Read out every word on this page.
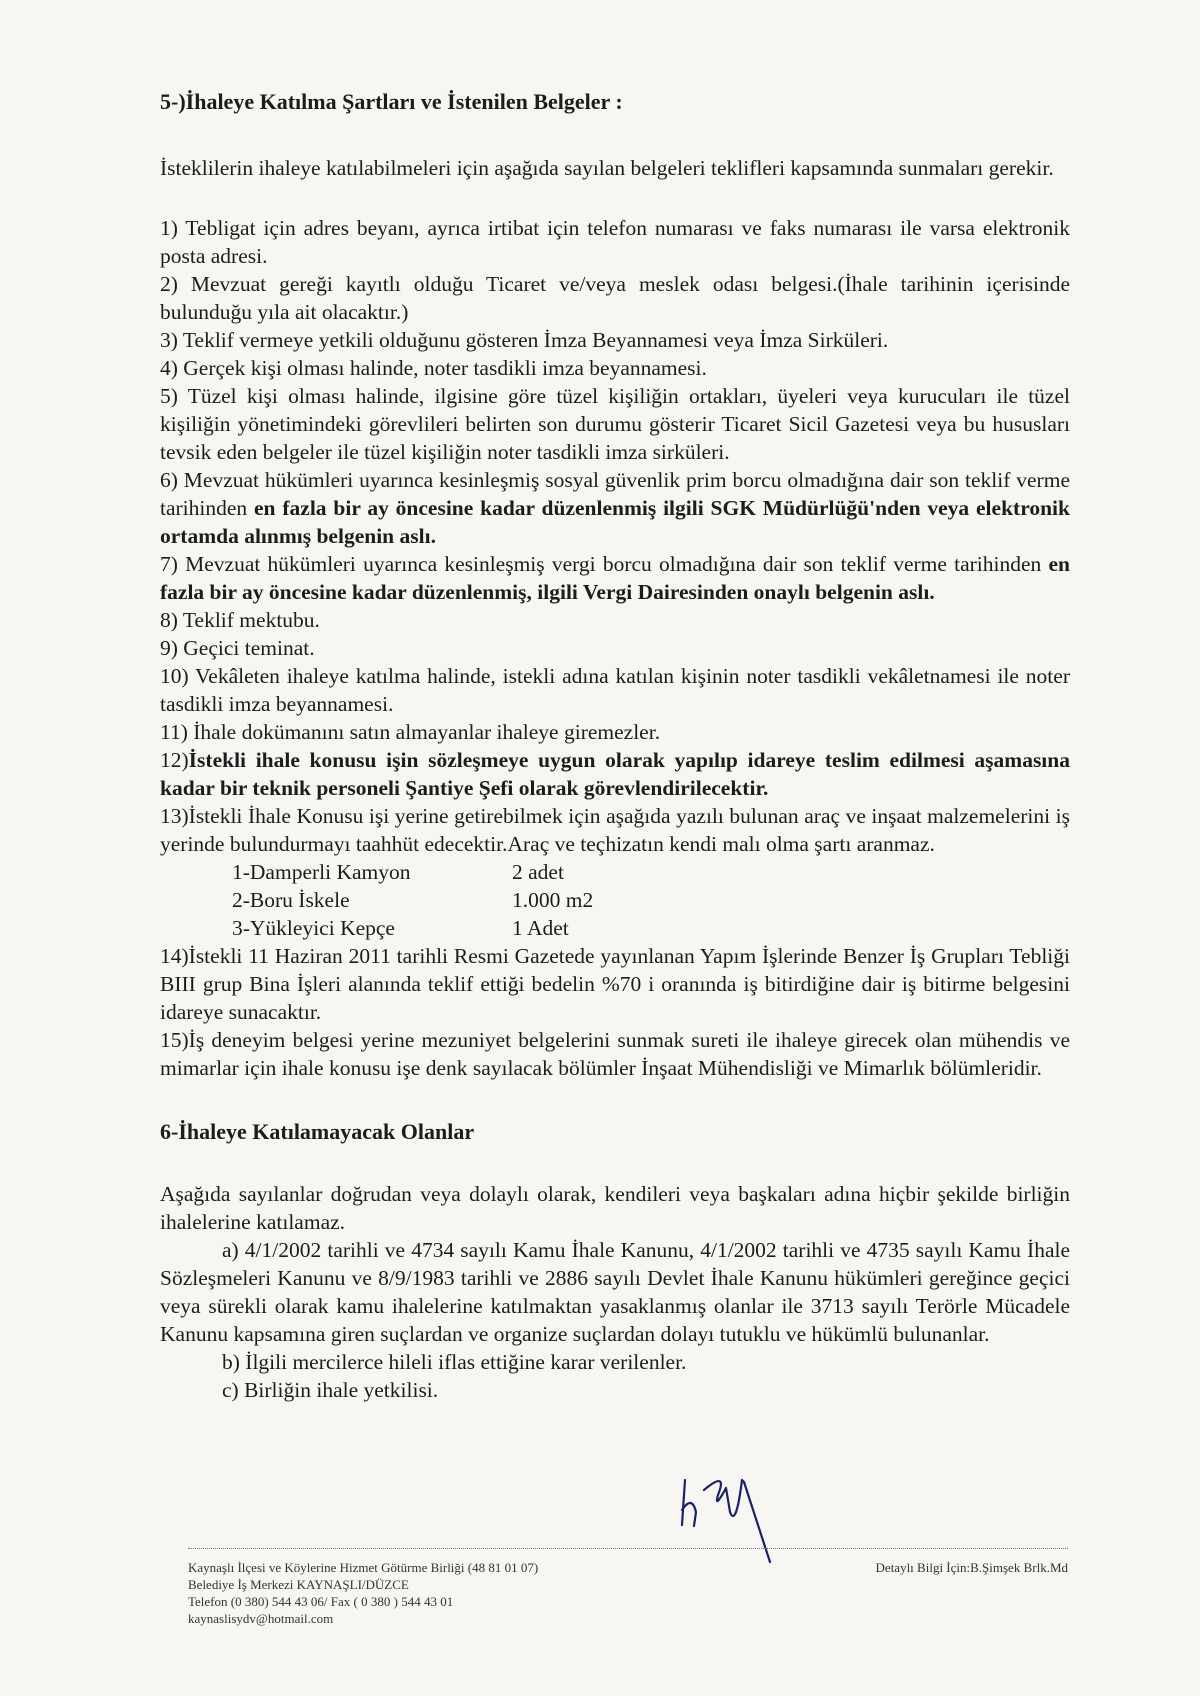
5-)İhaleye Katılma Şartları ve İstenilen Belgeler :

İsteklilerin ihaleye katılabilmeleri için aşağıda sayılan belgeleri teklifleri kapsamında sunmaları gerekir.

1) Tebligat için adres beyanı, ayrıca irtibat için telefon numarası ve faks numarası ile varsa elektronik posta adresi.

2) Mevzuat gereği kayıtlı olduğu Ticaret ve/veya meslek odası belgesi.(İhale tarihinin içerisinde bulunduğu yıla ait olacaktır.)

3) Teklif vermeye yetkili olduğunu gösteren İmza Beyannamesi veya İmza Sirküleri.

4) Gerçek kişi olması halinde, noter tasdikli imza beyannamesi.

5) Tüzel kişi olması halinde, ilgisine göre tüzel kişiliğin ortakları, üyeleri veya kurucuları ile tüzel kişiliğin yönetimindeki görevlileri belirten son durumu gösterir Ticaret Sicil Gazetesi veya bu hususları tevsik eden belgeler ile tüzel kişiliğin noter tasdikli imza sirküleri.

6) Mevzuat hükümleri uyarınca kesinleşmiş sosyal güvenlik prim borcu olmadığına dair son teklif verme tarihinden en fazla bir ay öncesine kadar düzenlenmiş ilgili SGK Müdürlüğü'nden veya elektronik ortamda alınmış belgenin aslı.

7) Mevzuat hükümleri uyarınca kesinleşmiş vergi borcu olmadığına dair son teklif verme tarihinden en fazla bir ay öncesine kadar düzenlenmiş, ilgili Vergi Dairesinden onaylı belgenin aslı.

8) Teklif mektubu.

9) Geçici teminat.

10) Vekâleten ihaleye katılma halinde, istekli adına katılan kişinin noter tasdikli vekâletnamesi ile noter tasdikli imza beyannamesi.

11) İhale dokümanını satın almayanlar ihaleye giremezler.

12)İstekli ihale konusu işin sözleşmeye uygun olarak yapılıp idareye teslim edilmesi aşamasına kadar bir teknik personeli Şantiye Şefi olarak görevlendirilecektir.

13)İstekli İhale Konusu işi yerine getirebilmek için aşağıda yazılı bulunan araç ve inşaat malzemelerini iş yerinde bulundurmayı taahhüt edecektir.Araç ve teçhizatın kendi malı olma şartı aranmaz.

1-Damperli Kamyon	2 adet
2-Boru İskele	1.000 m2
3-Yükleyici Kepçe	1 Adet

14)İstekli 11 Haziran 2011 tarihli Resmi Gazetede yayınlanan Yapım İşlerinde Benzer İş Grupları Tebliği BIII grup Bina İşleri alanında teklif ettiği bedelin %70 i oranında iş bitirdiğine dair iş bitirme belgesini idareye sunacaktır.

15)İş deneyim belgesi yerine mezuniyet belgelerini sunmak sureti ile ihaleye girecek olan mühendis ve mimarlar için ihale konusu işe denk sayılacak bölümler İnşaat Mühendisliği ve Mimarlık bölümleridir.

6-İhaleye Katılamayacak Olanlar

Aşağıda sayılanlar doğrudan veya dolaylı olarak, kendileri veya başkaları adına hiçbir şekilde birliğin ihalelerine katılamaz.

a) 4/1/2002 tarihli ve 4734 sayılı Kamu İhale Kanunu, 4/1/2002 tarihli ve 4735 sayılı Kamu İhale Sözleşmeleri Kanunu ve 8/9/1983 tarihli ve 2886 sayılı Devlet İhale Kanunu hükümleri gereğince geçici veya sürekli olarak kamu ihalelerine katılmaktan yasaklanmış olanlar ile 3713 sayılı Terörle Mücadele Kanunu kapsamına giren suçlardan ve organize suçlardan dolayı tutuklu ve hükümlü bulunanlar.

b) İlgili mercilerce hileli iflas ettiğine karar verilenler.

c) Birliğin ihale yetkilisi.

Kaynaşlı İlçesi ve Köylerine Hizmet Götürme Birliği (48 81 01 07)
Belediye İş Merkezi KAYNAŞLI/DÜZCE
Telefon (0 380) 544 43 06/ Fax ( 0 380 ) 544 43 01
kaynaslisydv@hotmail.com
Detaylı Bilgi İçin:B.Şimşek Brlk.Md
